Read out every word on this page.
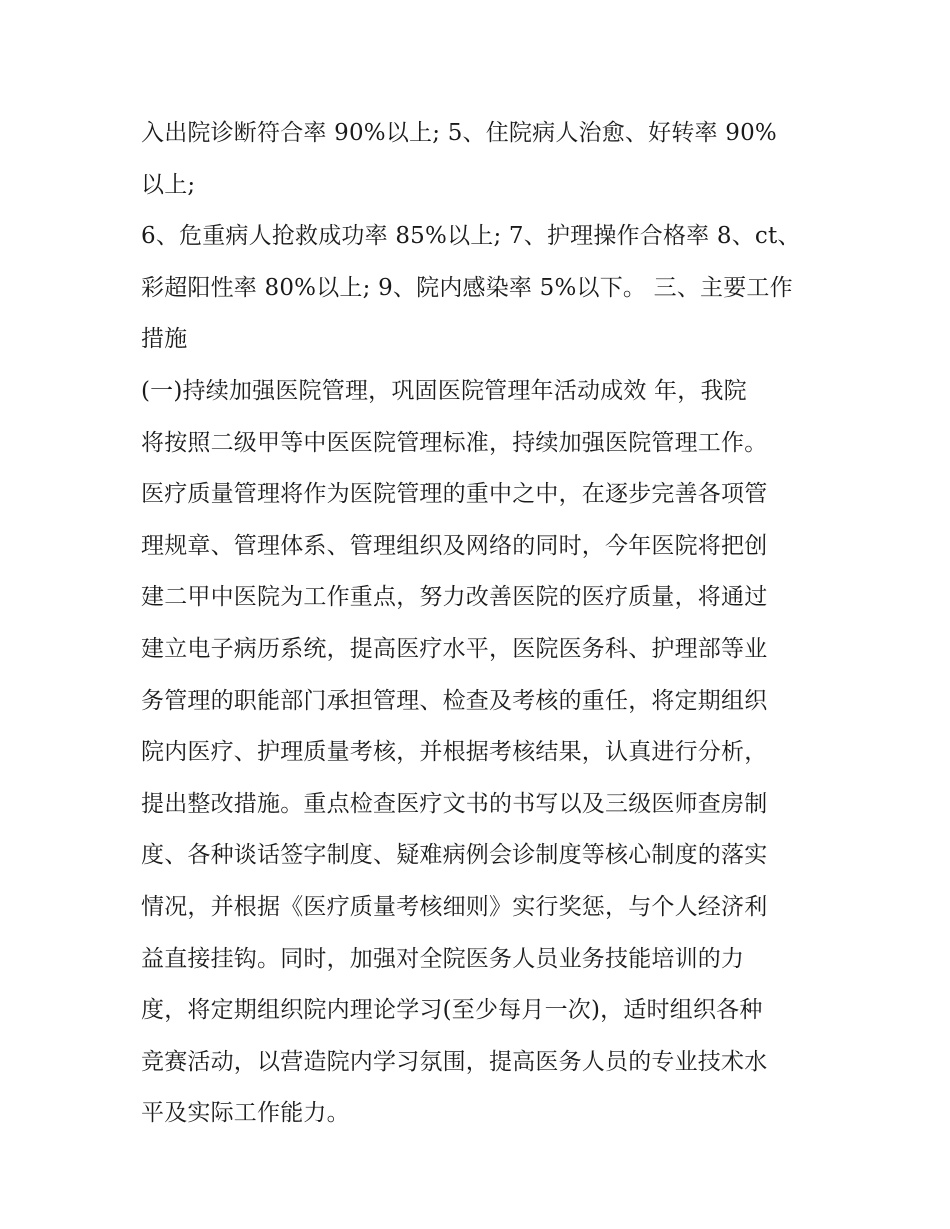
入出院诊断符合率 90%以上; 5、住院病人治愈、好转率 90%
以上;
6、危重病人抢救成功率 85%以上; 7、护理操作合格率 8、ct、
彩超阳性率 80%以上; 9、院内感染率 5%以下。 三、主要工作
措施
(一)持续加强医院管理，巩固医院管理年活动成效 年，我院
将按照二级甲等中医医院管理标准，持续加强医院管理工作。
医疗质量管理将作为医院管理的重中之中，在逐步完善各项管
理规章、管理体系、管理组织及网络的同时，今年医院将把创
建二甲中医院为工作重点，努力改善医院的医疗质量，将通过
建立电子病历系统，提高医疗水平，医院医务科、护理部等业
务管理的职能部门承担管理、检查及考核的重任，将定期组织
院内医疗、护理质量考核，并根据考核结果，认真进行分析，
提出整改措施。重点检查医疗文书的书写以及三级医师查房制
度、各种谈话签字制度、疑难病例会诊制度等核心制度的落实
情况，并根据《医疗质量考核细则》实行奖惩，与个人经济利
益直接挂钩。同时，加强对全院医务人员业务技能培训的力
度，将定期组织院内理论学习(至少每月一次)，适时组织各种
竞赛活动，以营造院内学习氛围，提高医务人员的专业技术水
平及实际工作能力。
